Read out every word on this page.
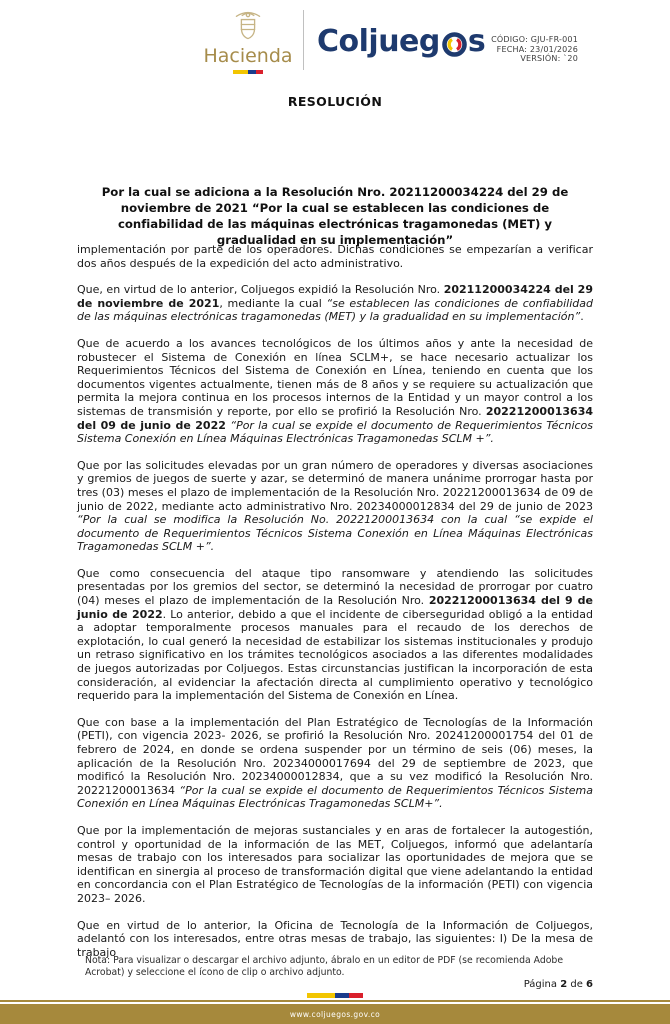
Hacienda Coljueg s CÓDIGO: GJU-FR-001
FECHA: 23/01/2026
VERSIÓN: `20
RESOLUCIÓN
Por la cual se adiciona a la Resolución Nro. 20211200034224 del 29 de noviembre de 2021 “Por la cual se establecen las condiciones de confiabilidad de las máquinas electrónicas tragamonedas (MET) y gradualidad en su implementación”

implementación por parte de los operadores. Dichas condiciones se empezarían a verificar dos años después de la expedición del acto administrativo.

Que, en virtud de lo anterior, Coljuegos expidió la Resolución Nro. 20211200034224 del 29 de noviembre de 2021, mediante la cual “se establecen las condiciones de confiabilidad de las máquinas electrónicas tragamonedas (MET) y la gradualidad en su implementación”.

Que de acuerdo a los avances tecnológicos de los últimos años y ante la necesidad de robustecer el Sistema de Conexión en línea SCLM+, se hace necesario actualizar los Requerimientos Técnicos del Sistema de Conexión en Línea, teniendo en cuenta que los documentos vigentes actualmente, tienen más de 8 años y se requiere su actualización que permita la mejora continua en los procesos internos de la Entidad y un mayor control a los sistemas de transmisión y reporte, por ello se profirió la Resolución Nro. 20221200013634 del 09 de junio de 2022 “Por la cual se expide el documento de Requerimientos Técnicos Sistema Conexión en Línea Máquinas Electrónicas Tragamonedas SCLM +”.

Que por las solicitudes elevadas por un gran número de operadores y diversas asociaciones y gremios de juegos de suerte y azar, se determinó de manera unánime prorrogar hasta por tres (03) meses el plazo de implementación de la Resolución Nro. 20221200013634 de 09 de junio de 2022, mediante acto administrativo Nro. 20234000012834 del 29 de junio de 2023 “Por la cual se modifica la Resolución No. 20221200013634 con la cual “se expide el documento de Requerimientos Técnicos Sistema Conexión en Línea Máquinas Electrónicas Tragamonedas SCLM +”.

Que como consecuencia del ataque tipo ransomware y atendiendo las solicitudes presentadas por los gremios del sector, se determinó la necesidad de prorrogar por cuatro (04) meses el plazo de implementación de la Resolución Nro. 20221200013634 del 9 de junio de 2022. Lo anterior, debido a que el incidente de ciberseguridad obligó a la entidad a adoptar temporalmente procesos manuales para el recaudo de los derechos de explotación, lo cual generó la necesidad de estabilizar los sistemas institucionales y produjo un retraso significativo en los trámites tecnológicos asociados a las diferentes modalidades de juegos autorizadas por Coljuegos. Estas circunstancias justifican la incorporación de esta consideración, al evidenciar la afectación directa al cumplimiento operativo y tecnológico requerido para la implementación del Sistema de Conexión en Línea.

Que con base a la implementación del Plan Estratégico de Tecnologías de la Información (PETI), con vigencia 2023- 2026, se profirió la Resolución Nro. 20241200001754 del 01 de febrero de 2024, en donde se ordena suspender por un término de seis (06) meses, la aplicación de la Resolución Nro. 20234000017694 del 29 de septiembre de 2023, que modificó la Resolución Nro. 20234000012834, que a su vez modificó la Resolución Nro. 20221200013634 “Por la cual se expide el documento de Requerimientos Técnicos Sistema Conexión en Línea Máquinas Electrónicas Tragamonedas SCLM+”.

Que por la implementación de mejoras sustanciales y en aras de fortalecer la autogestión, control y oportunidad de la información de las MET, Coljuegos, informó que adelantaría mesas de trabajo con los interesados para socializar las oportunidades de mejora que se identifican en sinergia al proceso de transformación digital que viene adelantando la entidad en concordancia con el Plan Estratégico de Tecnologías de la información (PETI) con vigencia 2023– 2026.

Que en virtud de lo anterior, la Oficina de Tecnología de la Información de Coljuegos, adelantó con los interesados, entre otras mesas de trabajo, las siguientes: I) De la mesa de trabajo

Nota: Para visualizar o descargar el archivo adjunto, ábralo en un editor de PDF (se recomienda Adobe Acrobat) y seleccione el ícono de clip o archivo adjunto.

Página 2 de 6
www.coljuegos.gov.co
